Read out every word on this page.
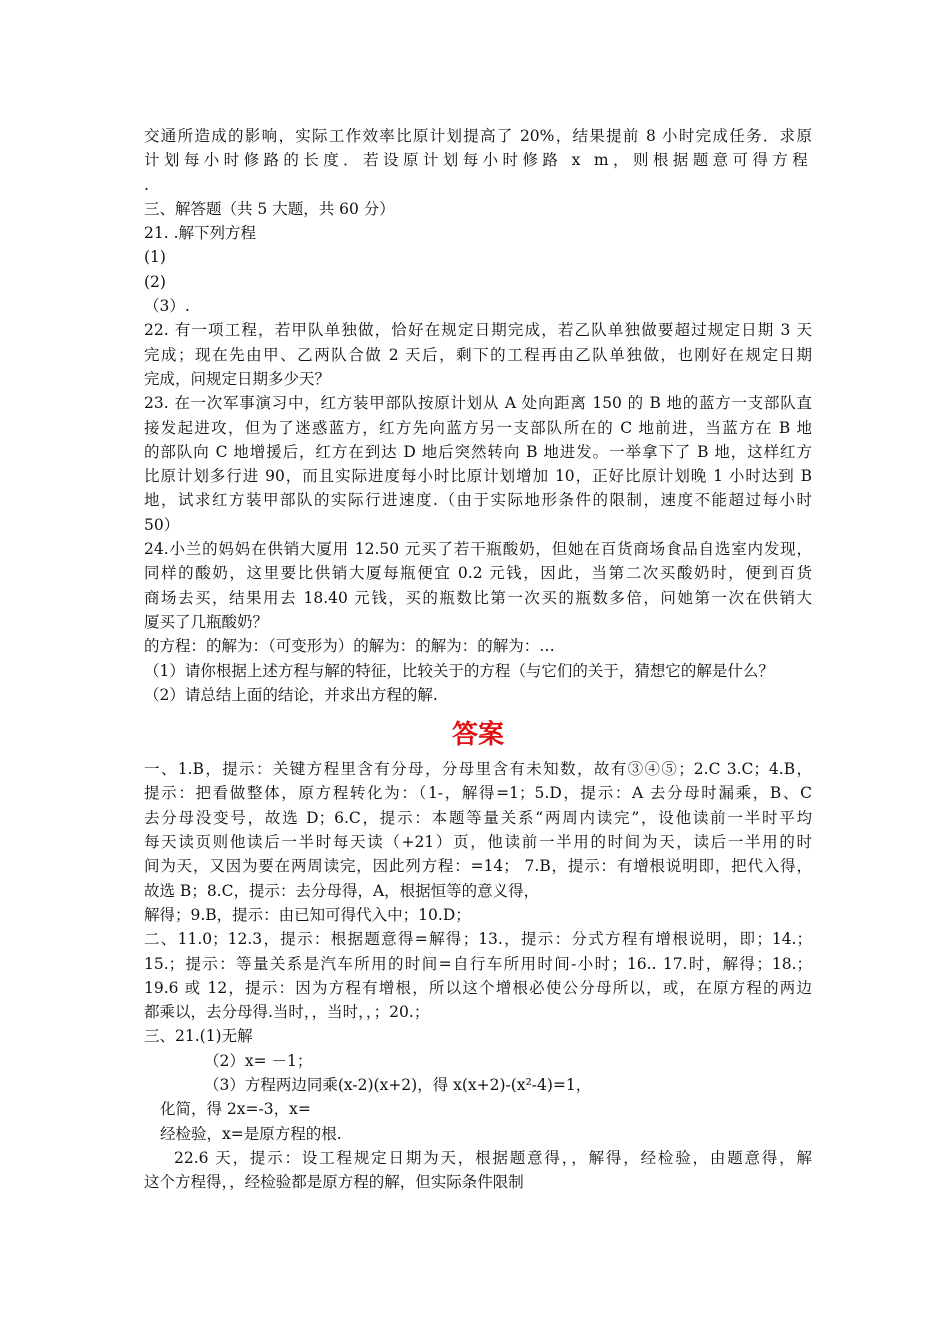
交通所造成的影响，实际工作效率比原计划提高了 20%，结果提前 8 小时完成任务．求原
计划每小时修路的长度．若设原计划每小时修路 x m，则根据题意可得方程
.
三、解答题（共 5 大题，共 60 分）
21. .解下列方程
(1)
(2)
（3）.
22. 有一项工程，若甲队单独做，恰好在规定日期完成，若乙队单独做要超过规定日期 3 天
完成；现在先由甲、乙两队合做 2 天后，剩下的工程再由乙队单独做，也刚好在规定日期
完成，问规定日期多少天？
23. 在一次军事演习中，红方装甲部队按原计划从 A 处向距离 150 的 B 地的蓝方一支部队直
接发起进攻，但为了迷惑蓝方，红方先向蓝方另一支部队所在的 C 地前进，当蓝方在 B 地
的部队向 C 地增援后，红方在到达 D 地后突然转向 B 地进发。一举拿下了 B 地，这样红方
比原计划多行进 90，而且实际进度每小时比原计划增加 10，正好比原计划晚 1 小时达到 B
地，试求红方装甲部队的实际行进速度.（由于实际地形条件的限制，速度不能超过每小时
50）
24.小兰的妈妈在供销大厦用 12.50 元买了若干瓶酸奶，但她在百货商场食品自选室内发现，
同样的酸奶，这里要比供销大厦每瓶便宜 0.2 元钱，因此，当第二次买酸奶时，便到百货
商场去买，结果用去 18.40 元钱，买的瓶数比第一次买的瓶数多倍，问她第一次在供销大
厦买了几瓶酸奶？
的方程：的解为：（可变形为）的解为：的解为：的解为：…
（1）请你根据上述方程与解的特征，比较关于的方程（与它们的关于，猜想它的解是什么？
（2）请总结上面的结论，并求出方程的解.
答案
一、1.B，提示：关键方程里含有分母，分母里含有未知数，故有③④⑤；2.C 3.C；4.B，
提示：把看做整体，原方程转化为：（1-，解得=1；5.D，提示：A 去分母时漏乘，B、C
去分母没变号，故选 D；6.C，提示：本题等量关系“两周内读完”，设他读前一半时平均
每天读页则他读后一半时每天读（+21）页，他读前一半用的时间为天，读后一半用的时
间为天，又因为要在两周读完，因此列方程：=14； 7.B，提示：有增根说明即，把代入得，
故选 B；8.C，提示：去分母得，A，根据恒等的意义得，
解得；9.B，提示：由已知可得代入中；10.D；
二、11.0；12.3，提示：根据题意得=解得；13.，提示：分式方程有增根说明，即；14.；
15.；提示：等量关系是汽车所用的时间=自行车所用时间-小时；16.. 17.时，解得；18.；
19.6 或 12，提示：因为方程有增根，所以这个增根必使公分母所以，或，在原方程的两边
都乘以，去分母得.当时，，当时，，；20.；
三、21.(1)无解
（2）x= －1；
（3）方程两边同乘(x-2)(x+2)，得 x(x+2)-(x²-4)=1，
化简，得 2x=-3，x=
经检验，x=是原方程的根.
22.6 天，提示：设工程规定日期为天，根据题意得，，解得，经检验，由题意得，解
这个方程得，，经检验都是原方程的解，但实际条件限制
